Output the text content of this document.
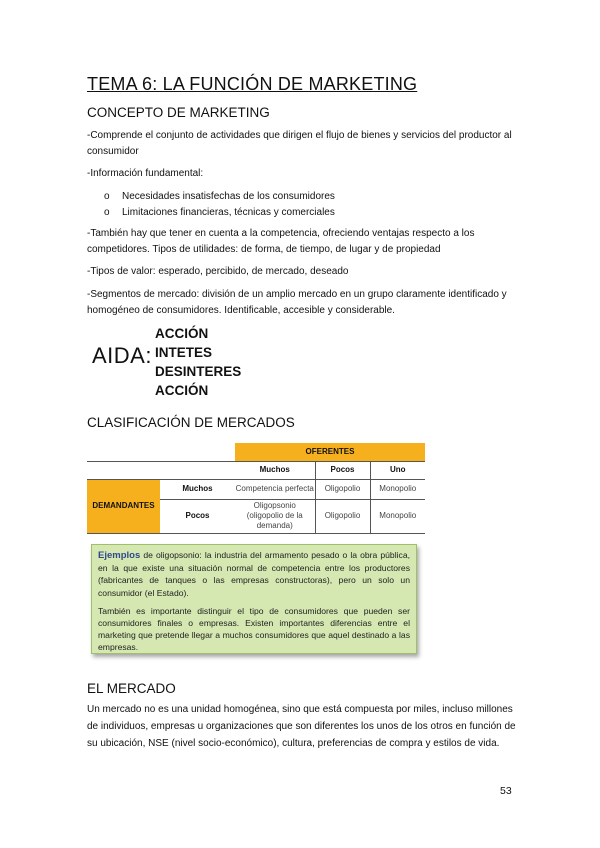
TEMA 6: LA FUNCIÓN DE MARKETING
CONCEPTO DE MARKETING
-Comprende el conjunto de actividades que dirigen el flujo de bienes y servicios del productor al consumidor
-Información fundamental:
o Necesidades insatisfechas de los consumidores
o Limitaciones financieras, técnicas y comerciales
-También hay que tener en cuenta a la competencia, ofreciendo ventajas respecto a los competidores. Tipos de utilidades: de forma, de tiempo, de lugar y de propiedad
-Tipos de valor: esperado, percibido, de mercado, deseado
-Segmentos de mercado: división de un amplio mercado en un grupo claramente identificado y homogéneo de consumidores. Identificable, accesible y considerable.
AIDA:
ACCIÓN
INTETES
DESINTERES
ACCIÓN
CLASIFICACIÓN DE MERCADOS
		OFERENTES		
		Muchos	Pocos	Uno
DEMANDANTES	Muchos	Competencia perfecta	Oligopolio	Monopolio
	Pocos	Oligopsonio (oligopolio de la demanda)	Oligopolio	Monopolio

Ejemplos de oligopsonio: la industria del armamento pesado o la obra pública, en la que existe una situación normal de competencia entre los productores (fabricantes de tanques o las empresas constructoras), pero un solo un consumidor (el Estado).

También es importante distinguir el tipo de consumidores que pueden ser consumidores finales o empresas. Existen importantes diferencias entre el marketing que pretende llegar a muchos consumidores que aquel destinado a las empresas.

EL MERCADO
Un mercado no es una unidad homogénea, sino que está compuesta por miles, incluso millones de individuos, empresas u organizaciones que son diferentes los unos de los otros en función de su ubicación, NSE (nivel socio-económico), cultura, preferencias de compra y estilos de vida.
53
